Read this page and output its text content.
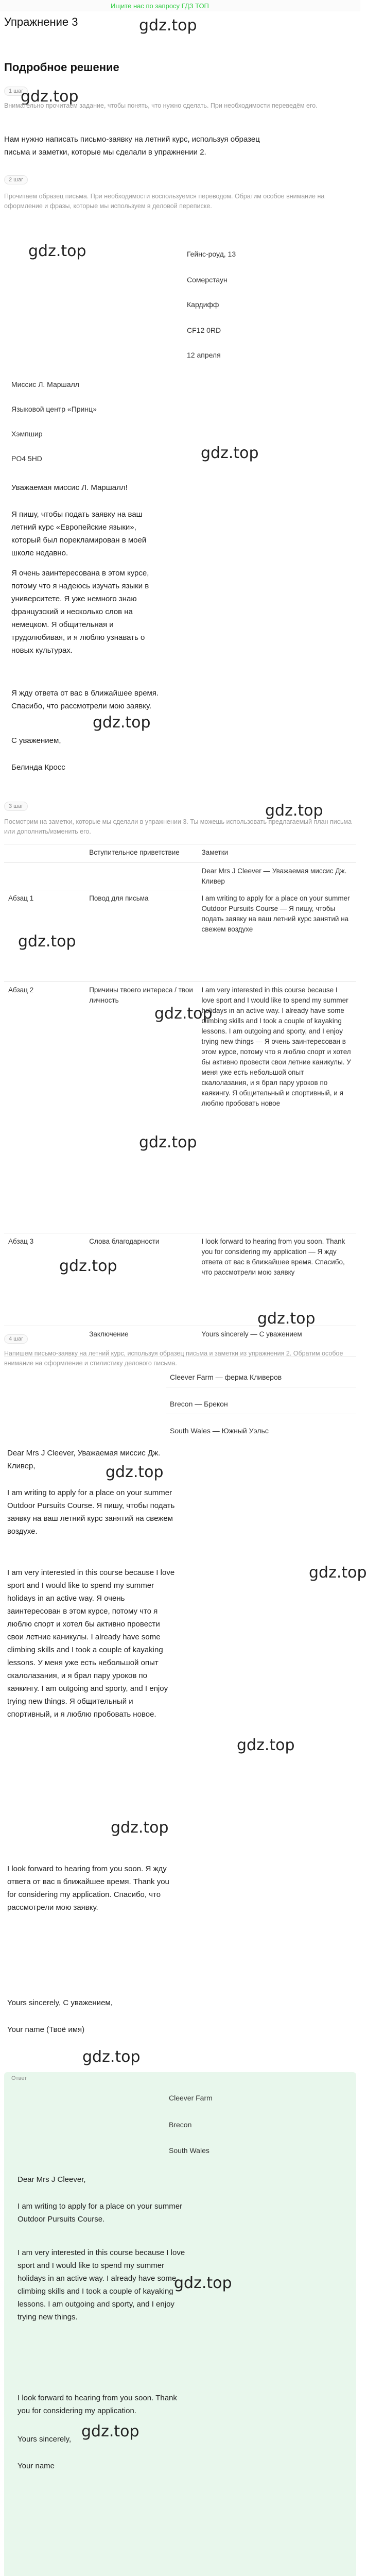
Ищите нас по запросу ГДЗ ТОП
Упражнение 3	gdz.top
Подробное решение
1 шаг
gdz.top
Внимательно прочитаем задание, чтобы понять, что нужно сделать. При необходимости переведём его.
Нам нужно написать письмо-заявку на летний курс, используя образец письма и заметки, которые мы сделали в упражнении 2.
2 шаг
Прочитаем образец письма. При необходимости воспользуемся переводом. Обратим особое внимание на оформление и фразы, которые мы используем в деловой переписке.
gdz.top	Гейнс-роуд, 13
Сомерстаун
Кардифф
CF12 0RD
12 апреля
Миссис Л. Маршалл
Языковой центр «Принц»
Хэмпшир
PO4 5HD	gdz.top
Уважаемая миссис Л. Маршалл!
Я пишу, чтобы подать заявку на ваш летний курс «Европейские языки», который был порекламирован в моей школе недавно.
Я очень заинтересована в этом курсе, потому что я надеюсь изучать языки в университете. Я уже немного знаю французский и несколько слов на немецком. Я общительная и трудолюбивая, и я люблю узнавать о новых культурах.
Я жду ответа от вас в ближайшее время. Спасибо, что рассмотрели мою заявку.
С уважением,
Белинда Кросс
gdz.top
3 шаг
Посмотрим на заметки, которые мы сделали в упражнении 3. Ты можешь использовать предлагаемый план письма или дополнить/изменить его.
	Вступительное приветствие	Заметки
		Dear Mrs J Cleever — Уважаемая миссис Дж. Кливер
Абзац 1	Повод для письма	I am writing to apply for a place on your summer Outdoor Pursuits Course — Я пишу, чтобы подать заявку на ваш летний курс занятий на свежем воздухе
Абзац 2	Причины твоего интереса / твои личность	I am very interested in this course because I love sport and I would like to spend my summer holidays in an active way. I already have some climbing skills and I took a couple of kayaking lessons. I am outgoing and sporty, and I enjoy trying new things — Я очень заинтересован в этом курсе, потому что я люблю спорт и хотел бы активно провести свои летние каникулы. У меня уже есть небольшой опыт скалолазания, и я брал пару уроков по каякингу. Я общительный и спортивный, и я люблю пробовать новое
Абзац 3	Слова благодарности	I look forward to hearing from you soon. Thank you for considering my application — Я жду ответа от вас в ближайшее время. Спасибо, что рассмотрели мою заявку
	Заключение	Yours sincerely — С уважением
gdz.top
gdz.top
gdz.top
gdz.top
gdz.top
gdz.top
4 шаг
Напишем письмо-заявку на летний курс, используя образец письма и заметки из упражнения 2. Обратим особое внимание на оформление и стилистику делового письма.
Cleever Farm — ферма Кливеров
Brecon — Брекон
South Wales — Южный Уэльс
Dear Mrs J Cleever, Уважаемая миссис Дж. Кливер,	gdz.top
I am writing to apply for a place on your summer Outdoor Pursuits Course. Я пишу, чтобы подать заявку на ваш летний курс занятий на свежем воздухе.
I am very interested in this course because I love sport and I would like to spend my summer holidays in an active way. Я очень заинтересован в этом курсе, потому что я люблю спорт и хотел бы активно провести свои летние каникулы. I already have some climbing skills and I took a couple of kayaking lessons. У меня уже есть небольшой опыт скалолазания, и я брал пару уроков по каякингу. I am outgoing and sporty, and I enjoy trying new things. Я общительный и спортивный, и я люблю пробовать новое.
gdz.top
gdz.top
gdz.top
I look forward to hearing from you soon. Я жду ответа от вас в ближайшее время. Thank you for considering my application. Спасибо, что рассмотрели мою заявку.
Yours sincerely, С уважением,
Your name (Твоё имя)
gdz.top
Ответ
Cleever Farm
Brecon
South Wales
Dear Mrs J Cleever,
I am writing to apply for a place on your summer Outdoor Pursuits Course.
I am very interested in this course because I love sport and I would like to spend my summer holidays in an active way. I already have some climbing skills and I took a couple of kayaking lessons. I am outgoing and sporty, and I enjoy trying new things.
gdz.top
I look forward to hearing from you soon. Thank you for considering my application.
Yours sincerely, gdz.top
Your name
